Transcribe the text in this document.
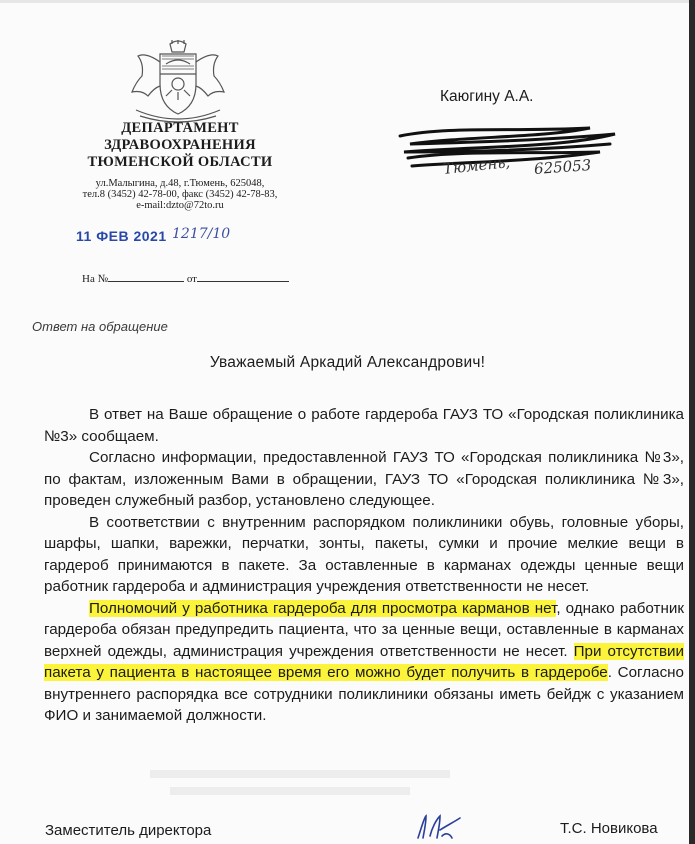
ДЕПАРТАМЕНТ
ЗДРАВООХРАНЕНИЯ
ТЮМЕНСКОЙ ОБЛАСТИ
ул.Малыгина, д.48, г.Тюмень, 625048,
тел.8 (3452) 42-78-00, факс (3452) 42-78-83,
e-mail:dzto@72to.ru
11 ФЕВ 2021 1217/10
На №	от
Каюгину А.А.
Тюмень, 625053
Ответ на обращение
Уважаемый Аркадий Александрович!

В ответ на Ваше обращение о работе гардероба ГАУЗ ТО «Городская поликлиника №3» сообщаем.

Согласно информации, предоставленной ГАУЗ ТО «Городская поликлиника №3», по фактам, изложенным Вами в обращении, ГАУЗ ТО «Городская поликлиника №3», проведен служебный разбор, установлено следующее.

В соответствии с внутренним распорядком поликлиники обувь, головные уборы, шарфы, шапки, варежки, перчатки, зонты, пакеты, сумки и прочие мелкие вещи в гардероб принимаются в пакете. За оставленные в карманах одежды ценные вещи работник гардероба и администрация учреждения ответственности не несет.

Полномочий у работника гардероба для просмотра карманов нет, однако работник гардероба обязан предупредить пациента, что за ценные вещи, оставленные в карманах верхней одежды, администрация учреждения ответственности не несет. При отсутствии пакета у пациента в настоящее время его можно будет получить в гардеробе. Согласно внутреннего распорядка все сотрудники поликлиники обязаны иметь бейдж с указанием ФИО и занимаемой должности.

Заместитель директора	Т.С. Новикова
